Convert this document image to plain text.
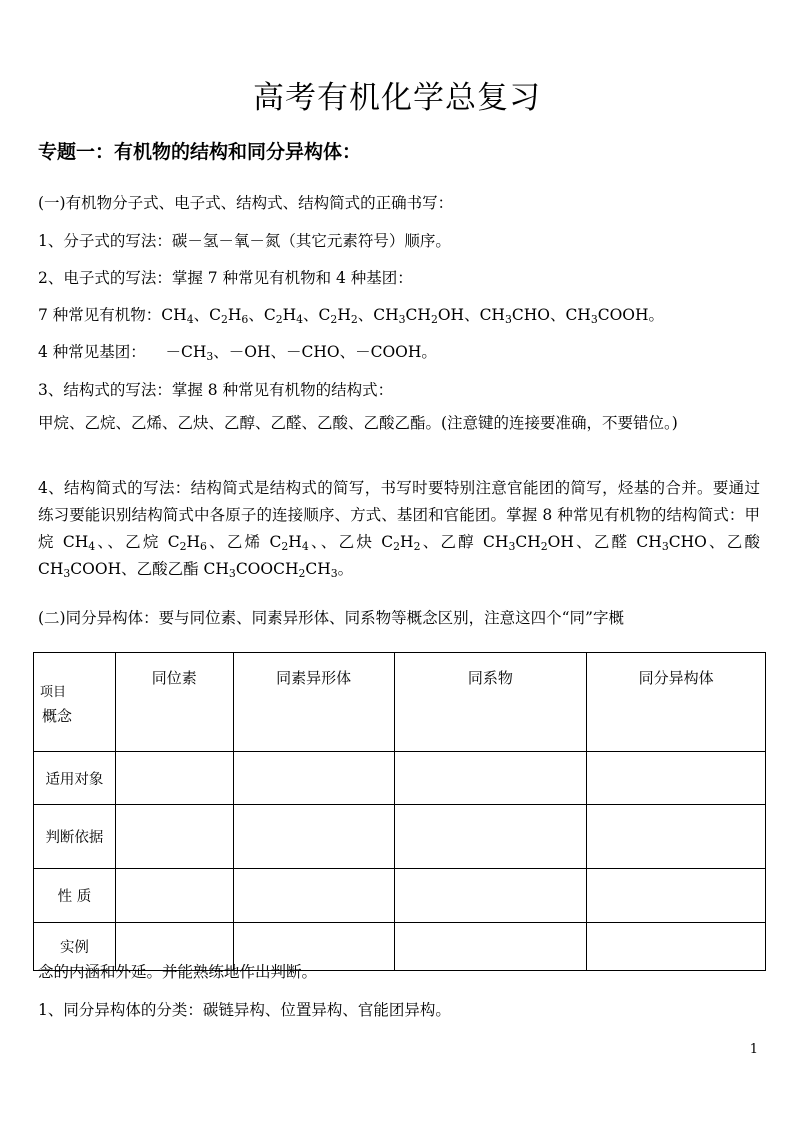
高考有机化学总复习
专题一：有机物的结构和同分异构体：
(一)有机物分子式、电子式、结构式、结构简式的正确书写：
1、分子式的写法：碳－氢－氧－氮（其它元素符号）顺序。
2、电子式的写法：掌握 7 种常见有机物和 4 种基团：
7 种常见有机物：$CH_4$、$C_2H_6$、$C_2H_4$、$C_2H_2$、$CH_3CH_2OH$、$CH_3CHO$、$CH_3COOH$。
4 种常见基团：    $-CH_3$、－OH、－CHO、－COOH。
3、结构式的写法：掌握 8 种常见有机物的结构式：
甲烷、乙烷、乙烯、乙炔、乙醇、乙醛、乙酸、乙酸乙酯。(注意键的连接要准确，不要错位。)
4、结构简式的写法：结构简式是结构式的简写，书写时要特别注意官能团的简写，烃基的合并。要通过练习要能识别结构简式中各原子的连接顺序、方式、基团和官能团。掌握 8 种常见有机物的结构简式：甲烷 $CH_4$、、乙烷 $C_2H_6$、乙烯 $C_2H_4$、、乙炔 $C_2H_2$、乙醇 $CH_3CH_2OH$、乙醛 $CH_3CHO$、乙酸 $CH_3COOH$、乙酸乙酯 $CH_3COOCH_2CH_3$。
(二)同分异构体：要与同位素、同素异形体、同系物等概念区别，注意这四个“同”字概
项目
概念	同位素	同素异形体	同系物	同分异构体
适用对象				
判断依据				
性 质				
实例				
念的内涵和外延。并能熟练地作出判断。
1、同分异构体的分类：碳链异构、位置异构、官能团异构。
1
